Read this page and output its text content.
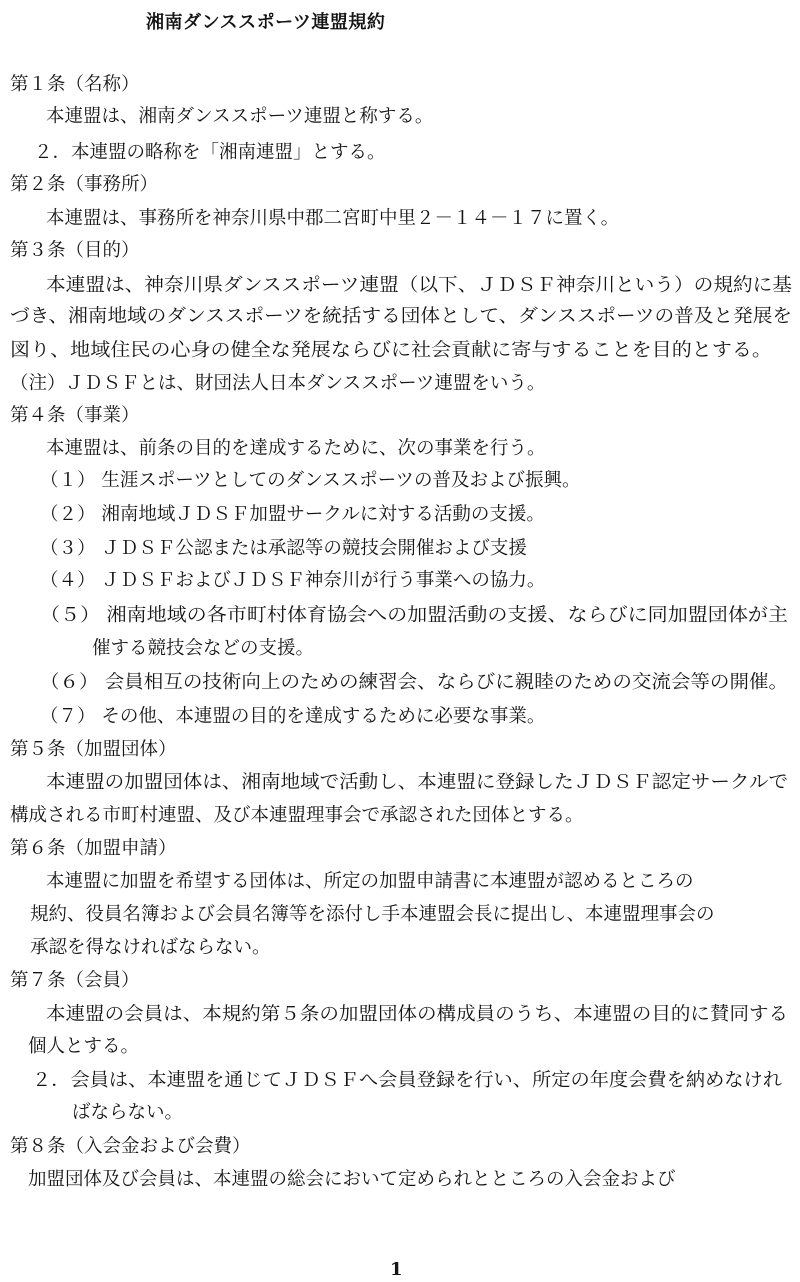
湘南ダンススポーツ連盟規約
第１条（名称）
本連盟は、湘南ダンススポーツ連盟と称する。
２．本連盟の略称を「湘南連盟」とする。
第２条（事務所）
本連盟は、事務所を神奈川県中郡二宮町中里２－１４－１７に置く。
第３条（目的）
本連盟は、神奈川県ダンススポーツ連盟（以下、ＪＤＳＦ神奈川という）の規約に基
づき、湘南地域のダンススポーツを統括する団体として、ダンススポーツの普及と発展を
図り、地域住民の心身の健全な発展ならびに社会貢献に寄与することを目的とする。
（注）ＪＤＳＦとは、財団法人日本ダンススポーツ連盟をいう。
第４条（事業）
本連盟は、前条の目的を達成するために、次の事業を行う。
（１） 生涯スポーツとしてのダンススポーツの普及および振興。
（２） 湘南地域ＪＤＳＦ加盟サークルに対する活動の支援。
（３） ＪＤＳＦ公認または承認等の競技会開催および支援
（４） ＪＤＳＦおよびＪＤＳＦ神奈川が行う事業への協力。
（５） 湘南地域の各市町村体育協会への加盟活動の支援、ならびに同加盟団体が主
催する競技会などの支援。
（６） 会員相互の技術向上のための練習会、ならびに親睦のための交流会等の開催。
（７） その他、本連盟の目的を達成するために必要な事業。
第５条（加盟団体）
本連盟の加盟団体は、湘南地域で活動し、本連盟に登録したＪＤＳＦ認定サークルで
構成される市町村連盟、及び本連盟理事会で承認された団体とする。
第６条（加盟申請）
本連盟に加盟を希望する団体は、所定の加盟申請書に本連盟が認めるところの
規約、役員名簿および会員名簿等を添付し手本連盟会長に提出し、本連盟理事会の
承認を得なければならない。
第７条（会員）
本連盟の会員は、本規約第５条の加盟団体の構成員のうち、本連盟の目的に賛同する
個人とする。
２．会員は、本連盟を通じてＪＤＳＦへ会員登録を行い、所定の年度会費を納めなけれ
ばならない。
第８条（入会金および会費）
加盟団体及び会員は、本連盟の総会において定められとところの入会金および
1
